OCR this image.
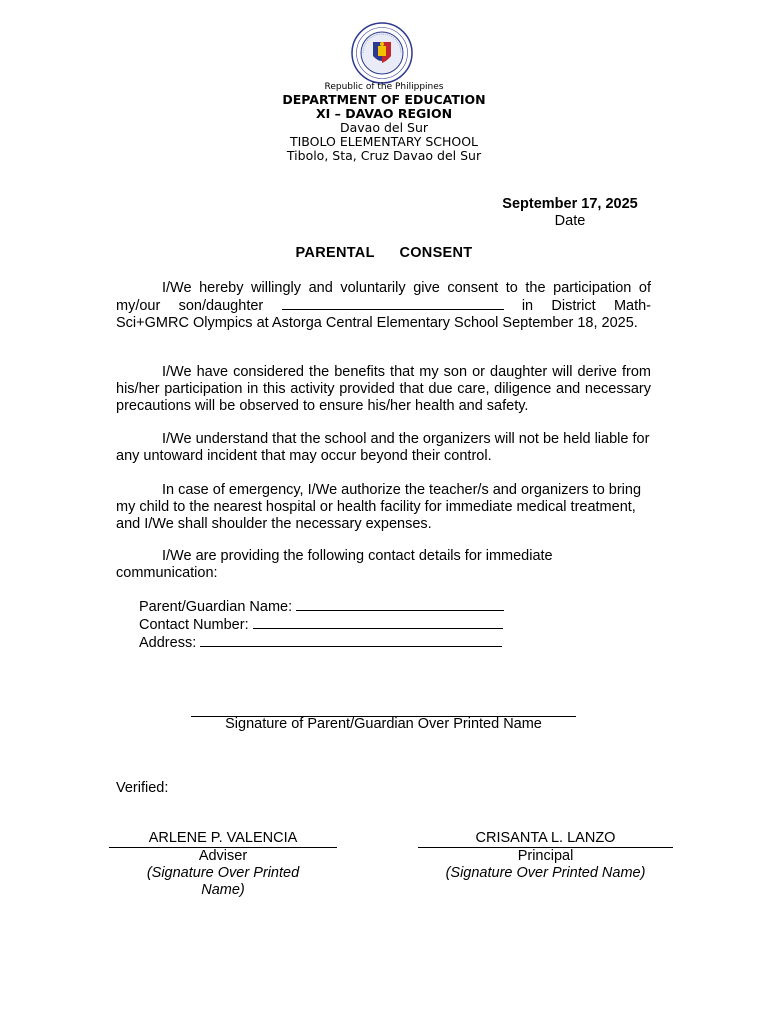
Republic of the Philippines
DEPARTMENT OF EDUCATION
XI – DAVAO REGION
Davao del Sur
TIBOLO ELEMENTARY SCHOOL
Tibolo, Sta, Cruz Davao del Sur
September 17, 2025
Date
PARENTAL   CONSENT
I/We hereby willingly and voluntarily give consent to the participation of my/our son/daughter	in District Math-Sci+GMRC Olympics at Astorga Central Elementary School September 18, 2025.
I/We have considered the benefits that my son or daughter will derive from his/her participation in this activity provided that due care, diligence and necessary precautions will be observed to ensure his/her health and safety.
I/We understand that the school and the organizers will not be held liable for any untoward incident that may occur beyond their control.
In case of emergency, I/We authorize the teacher/s and organizers to bring my child to the nearest hospital or health facility for immediate medical treatment, and I/We shall shoulder the necessary expenses.
I/We are providing the following contact details for immediate communication:
Parent/Guardian Name:
Contact Number:
Address:
Signature of Parent/Guardian Over Printed Name
Verified:
ARLENE P. VALENCIA
Adviser
(Signature Over Printed Name)
CRISANTA L. LANZO
Principal
(Signature Over Printed Name)
